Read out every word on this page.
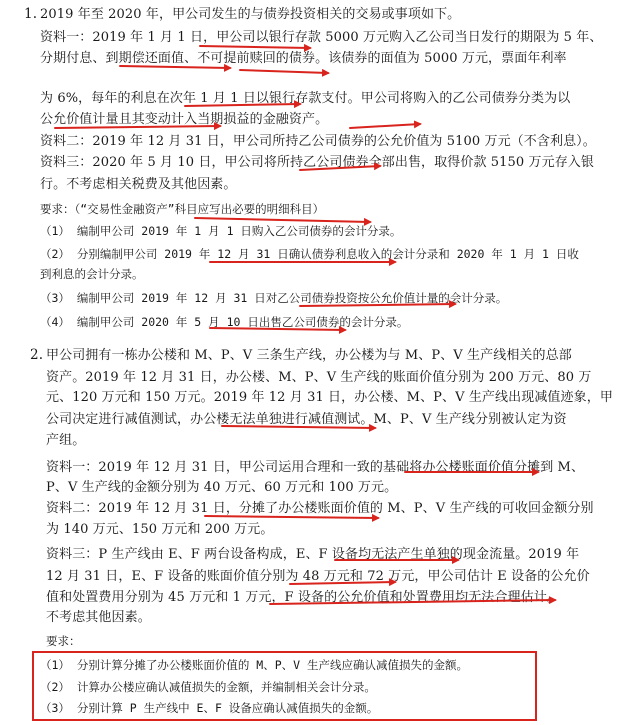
1. 2019 年至 2020 年，甲公司发生的与债券投资相关的交易或事项如下。
资料一：2019 年 1 月 1 日，甲公司以银行存款 5000 万元购入乙公司当日发行的期限为 5 年、
分期付息、到期偿还面值、不可提前赎回的债券。该债券的面值为 5000 万元，票面年利率
为 6%，每年的利息在次年 1 月 1 日以银行存款支付。甲公司将购入的乙公司债券分类为以
公允价值计量且其变动计入当期损益的金融资产。
资料二：2019 年 12 月 31 日，甲公司所持乙公司债券的公允价值为 5100 万元（不含利息）。
资料三：2020 年 5 月 10 日，甲公司将所持乙公司债券全部出售，取得价款 5150 万元存入银
行。不考虑相关税费及其他因素。
要求：（“交易性金融资产”科目应写出必要的明细科目）
（1） 编制甲公司 2019 年 1 月 1 日购入乙公司债券的会计分录。
（2） 分别编制甲公司 2019 年 12 月 31 日确认债券利息收入的会计分录和 2020 年 1 月 1 日收
到利息的会计分录。
（3） 编制甲公司 2019 年 12 月 31 日对乙公司债券投资按公允价值计量的会计分录。
（4） 编制甲公司 2020 年 5 月 10 日出售乙公司债券的会计分录。
2. 甲公司拥有一栋办公楼和 M、P、V 三条生产线，办公楼为与 M、P、V 生产线相关的总部
资产。2019 年 12 月 31 日，办公楼、M、P、V 生产线的账面价值分别为 200 万元、80 万
元、120 万元和 150 万元。2019 年 12 月 31 日，办公楼、M、P、V 生产线出现减值迹象，甲
公司决定进行减值测试，办公楼无法单独进行减值测试。M、P、V 生产线分别被认定为资
产组。
资料一：2019 年 12 月 31 日，甲公司运用合理和一致的基础将办公楼账面价值分摊到 M、
P、V 生产线的金额分别为 40 万元、60 万元和 100 万元。
资料二：2019 年 12 月 31 日，分摊了办公楼账面价值的 M、P、V 生产线的可收回金额分别
为 140 万元、150 万元和 200 万元。
资料三：P 生产线由 E、F 两台设备构成，E、F 设备均无法产生单独的现金流量。2019 年
12 月 31 日，E、F 设备的账面价值分别为 48 万元和 72 万元，甲公司估计 E 设备的公允价
值和处置费用分别为 45 万元和 1 万元，F 设备的公允价值和处置费用均无法合理估计。
不考虑其他因素。
要求：
（1） 分别计算分摊了办公楼账面价值的 M、P、V 生产线应确认减值损失的金额。
（2） 计算办公楼应确认减值损失的金额，并编制相关会计分录。
（3） 分别计算 P 生产线中 E、F 设备应确认减值损失的金额。
